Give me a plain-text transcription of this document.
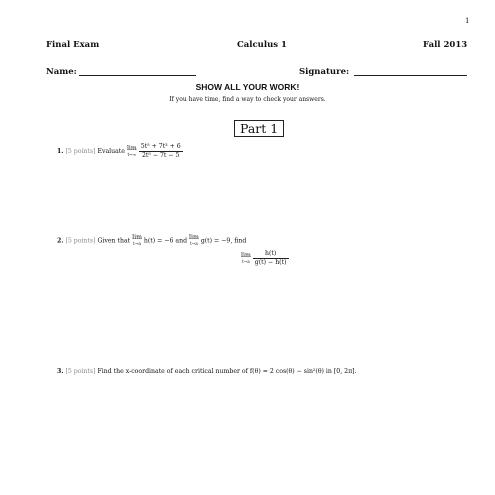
1
Final Exam	Calculus 1	Fall 2013
Name:	Signature:
SHOW ALL YOUR WORK!
If you have time, find a way to check your answers.
Part 1
1. [5 points] Evaluate lim
t→∞
$\frac{\text{5t⁵ + 7t³ + 6}}{\text{2t⁵ − 7t − 5}}$
2. [5 points] Given that lim
t→a h(t) = −6 and lim
t→a g(t) = −9, find
lim
t→a
$\frac{h(t)}{g(t) - h(t)}$
3. [5 points] Find the x-coordinate of each critical number of f(θ) = 2 cos(θ) − sin²(θ) in [0, 2π].
